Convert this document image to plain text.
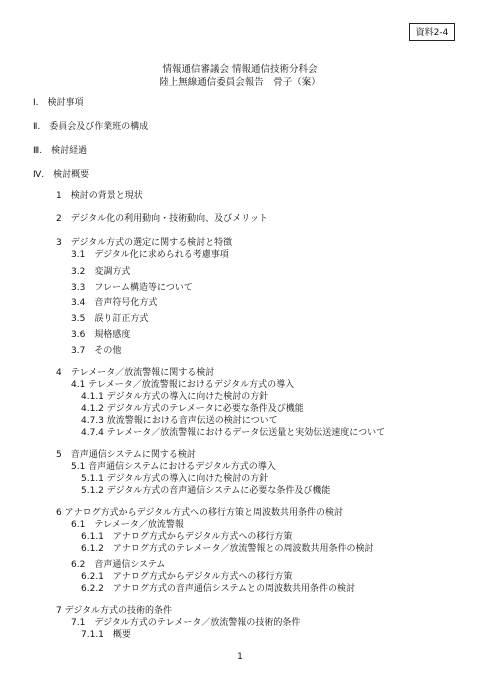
資料2-4
情報通信審議会 情報通信技術分科会
陸上無線通信委員会報告　骨子（案）
Ⅰ.　検討事項
Ⅱ.　委員会及び作業班の構成
Ⅲ.　検討経過
Ⅳ.　検討概要
1　検討の背景と現状
2　デジタル化の利用動向・技術動向、及びメリット
3　デジタル方式の選定に関する検討と特徴
3.1　デジタル化に求められる考慮事項
3.2　変調方式
3.3　フレーム構造等について
3.4　音声符号化方式
3.5　誤り訂正方式
3.6　規格感度
3.7　その他
4　テレメータ／放流警報に関する検討
4.1 テレメータ／放流警報におけるデジタル方式の導入
4.1.1 デジタル方式の導入に向けた検討の方針
4.1.2 デジタル方式のテレメータに必要な条件及び機能
4.7.3 放流警報における音声伝送の検討について
4.7.4 テレメータ／放流警報におけるデータ伝送量と実効伝送速度について
5　音声通信システムに関する検討
5.1 音声通信システムにおけるデジタル方式の導入
5.1.1 デジタル方式の導入に向けた検討の方針
5.1.2 デジタル方式の音声通信システムに必要な条件及び機能
6 アナログ方式からデジタル方式への移行方策と周波数共用条件の検討
6.1　テレメータ／放流警報
6.1.1　アナログ方式からデジタル方式への移行方策
6.1.2　アナログ方式のテレメータ／放流警報との周波数共用条件の検討
6.2　音声通信システム
6.2.1　アナログ方式からデジタル方式への移行方策
6.2.2　アナログ方式の音声通信システムとの周波数共用条件の検討
7 デジタル方式の技術的条件
7.1　デジタル方式のテレメータ／放流警報の技術的条件
7.1.1　概要
1
